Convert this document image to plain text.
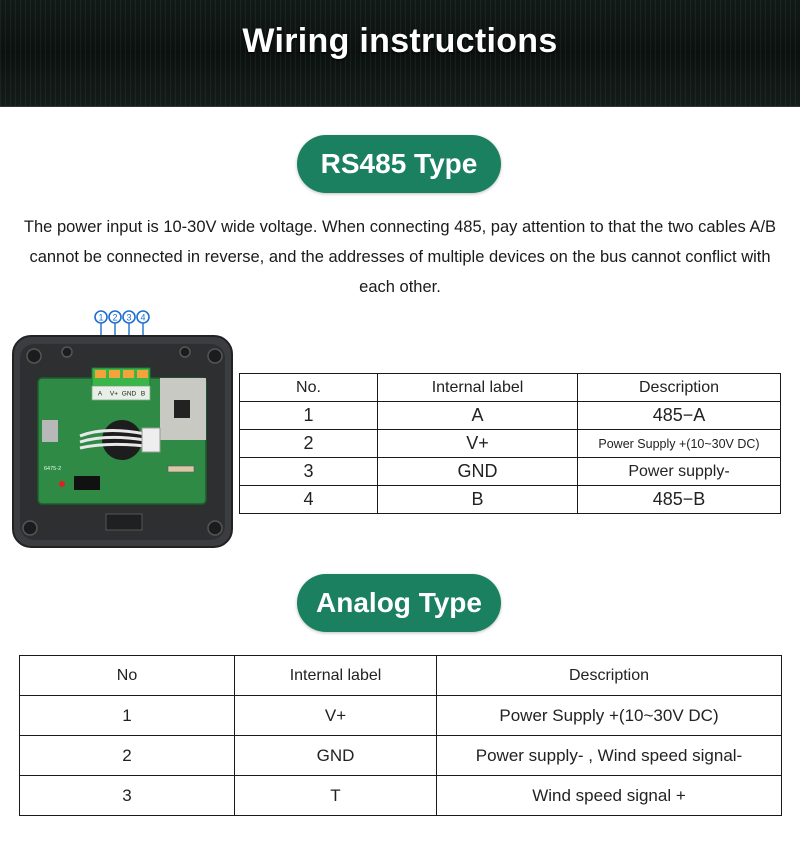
Wiring instructions
RS485 Type
The power input is 10-30V wide voltage. When connecting 485, pay attention to that the two cables A/B cannot be connected in reverse, and the addresses of multiple devices on the bus cannot conflict with each other.
1 2 3 4
A V+ GND B
6475-2
No.	Internal label	Description
1	A	485−A
2	V+	Power Supply +(10~30V DC)
3	GND	Power supply-
4	B	485−B
Analog Type
No	Internal label	Description
1	V+	Power Supply +(10~30V DC)
2	GND	Power supply- , Wind speed signal-
3	T	Wind speed signal +
